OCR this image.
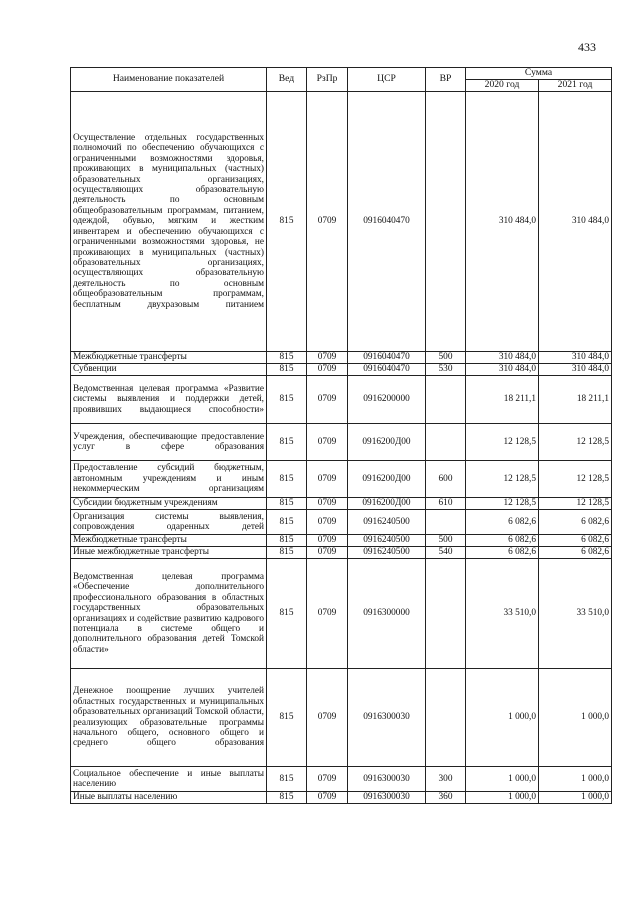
433
Наименование показателей	Вед	РзПр	ЦСР	ВР	Сумма	
					2020 год	2021 год
Осуществление отдельных государственных полномочий по обеспечению обучающихся с ограниченными возможностями здоровья, проживающих в муниципальных (частных) образовательных организациях, осуществляющих образовательную деятельность по основным общеобразовательным программам, питанием, одеждой, обувью, мягким и жестким инвентарем и обеспечению обучающихся с ограниченными возможностями здоровья, не проживающих в муниципальных (частных) образовательных организациях, осуществляющих образовательную деятельность по основным общеобразовательным программам, бесплатным двухразовым питанием	815	0709	0916040470		310 484,0	310 484,0
Межбюджетные трансферты	815	0709	0916040470	500	310 484,0	310 484,0
Субвенции	815	0709	0916040470	530	310 484,0	310 484,0
Ведомственная целевая программа «Развитие системы выявления и поддержки детей, проявивших выдающиеся способности»	815	0709	0916200000		18 211,1	18 211,1
Учреждения, обеспечивающие предоставление услуг в сфере образования	815	0709	0916200Д00		12 128,5	12 128,5
Предоставление субсидий бюджетным, автономным учреждениям и иным некоммерческим организациям	815	0709	0916200Д00	600	12 128,5	12 128,5
Субсидии бюджетным учреждениям	815	0709	0916200Д00	610	12 128,5	12 128,5
Организация системы выявления, сопровождения одаренных детей	815	0709	0916240500		6 082,6	6 082,6
Межбюджетные трансферты	815	0709	0916240500	500	6 082,6	6 082,6
Иные межбюджетные трансферты	815	0709	0916240500	540	6 082,6	6 082,6
Ведомственная целевая программа «Обеспечение дополнительного профессионального образования в областных государственных образовательных организациях и содействие развитию кадрового потенциала в системе общего и дополнительного образования детей Томской области»	815	0709	0916300000		33 510,0	33 510,0
Денежное поощрение лучших учителей областных государственных и муниципальных образовательных организаций Томской области, реализующих образовательные программы начального общего, основного общего и среднего общего образования	815	0709	0916300030		1 000,0	1 000,0
Социальное обеспечение и иные выплаты населению	815	0709	0916300030	300	1 000,0	1 000,0
Иные выплаты населению	815	0709	0916300030	360	1 000,0	1 000,0
